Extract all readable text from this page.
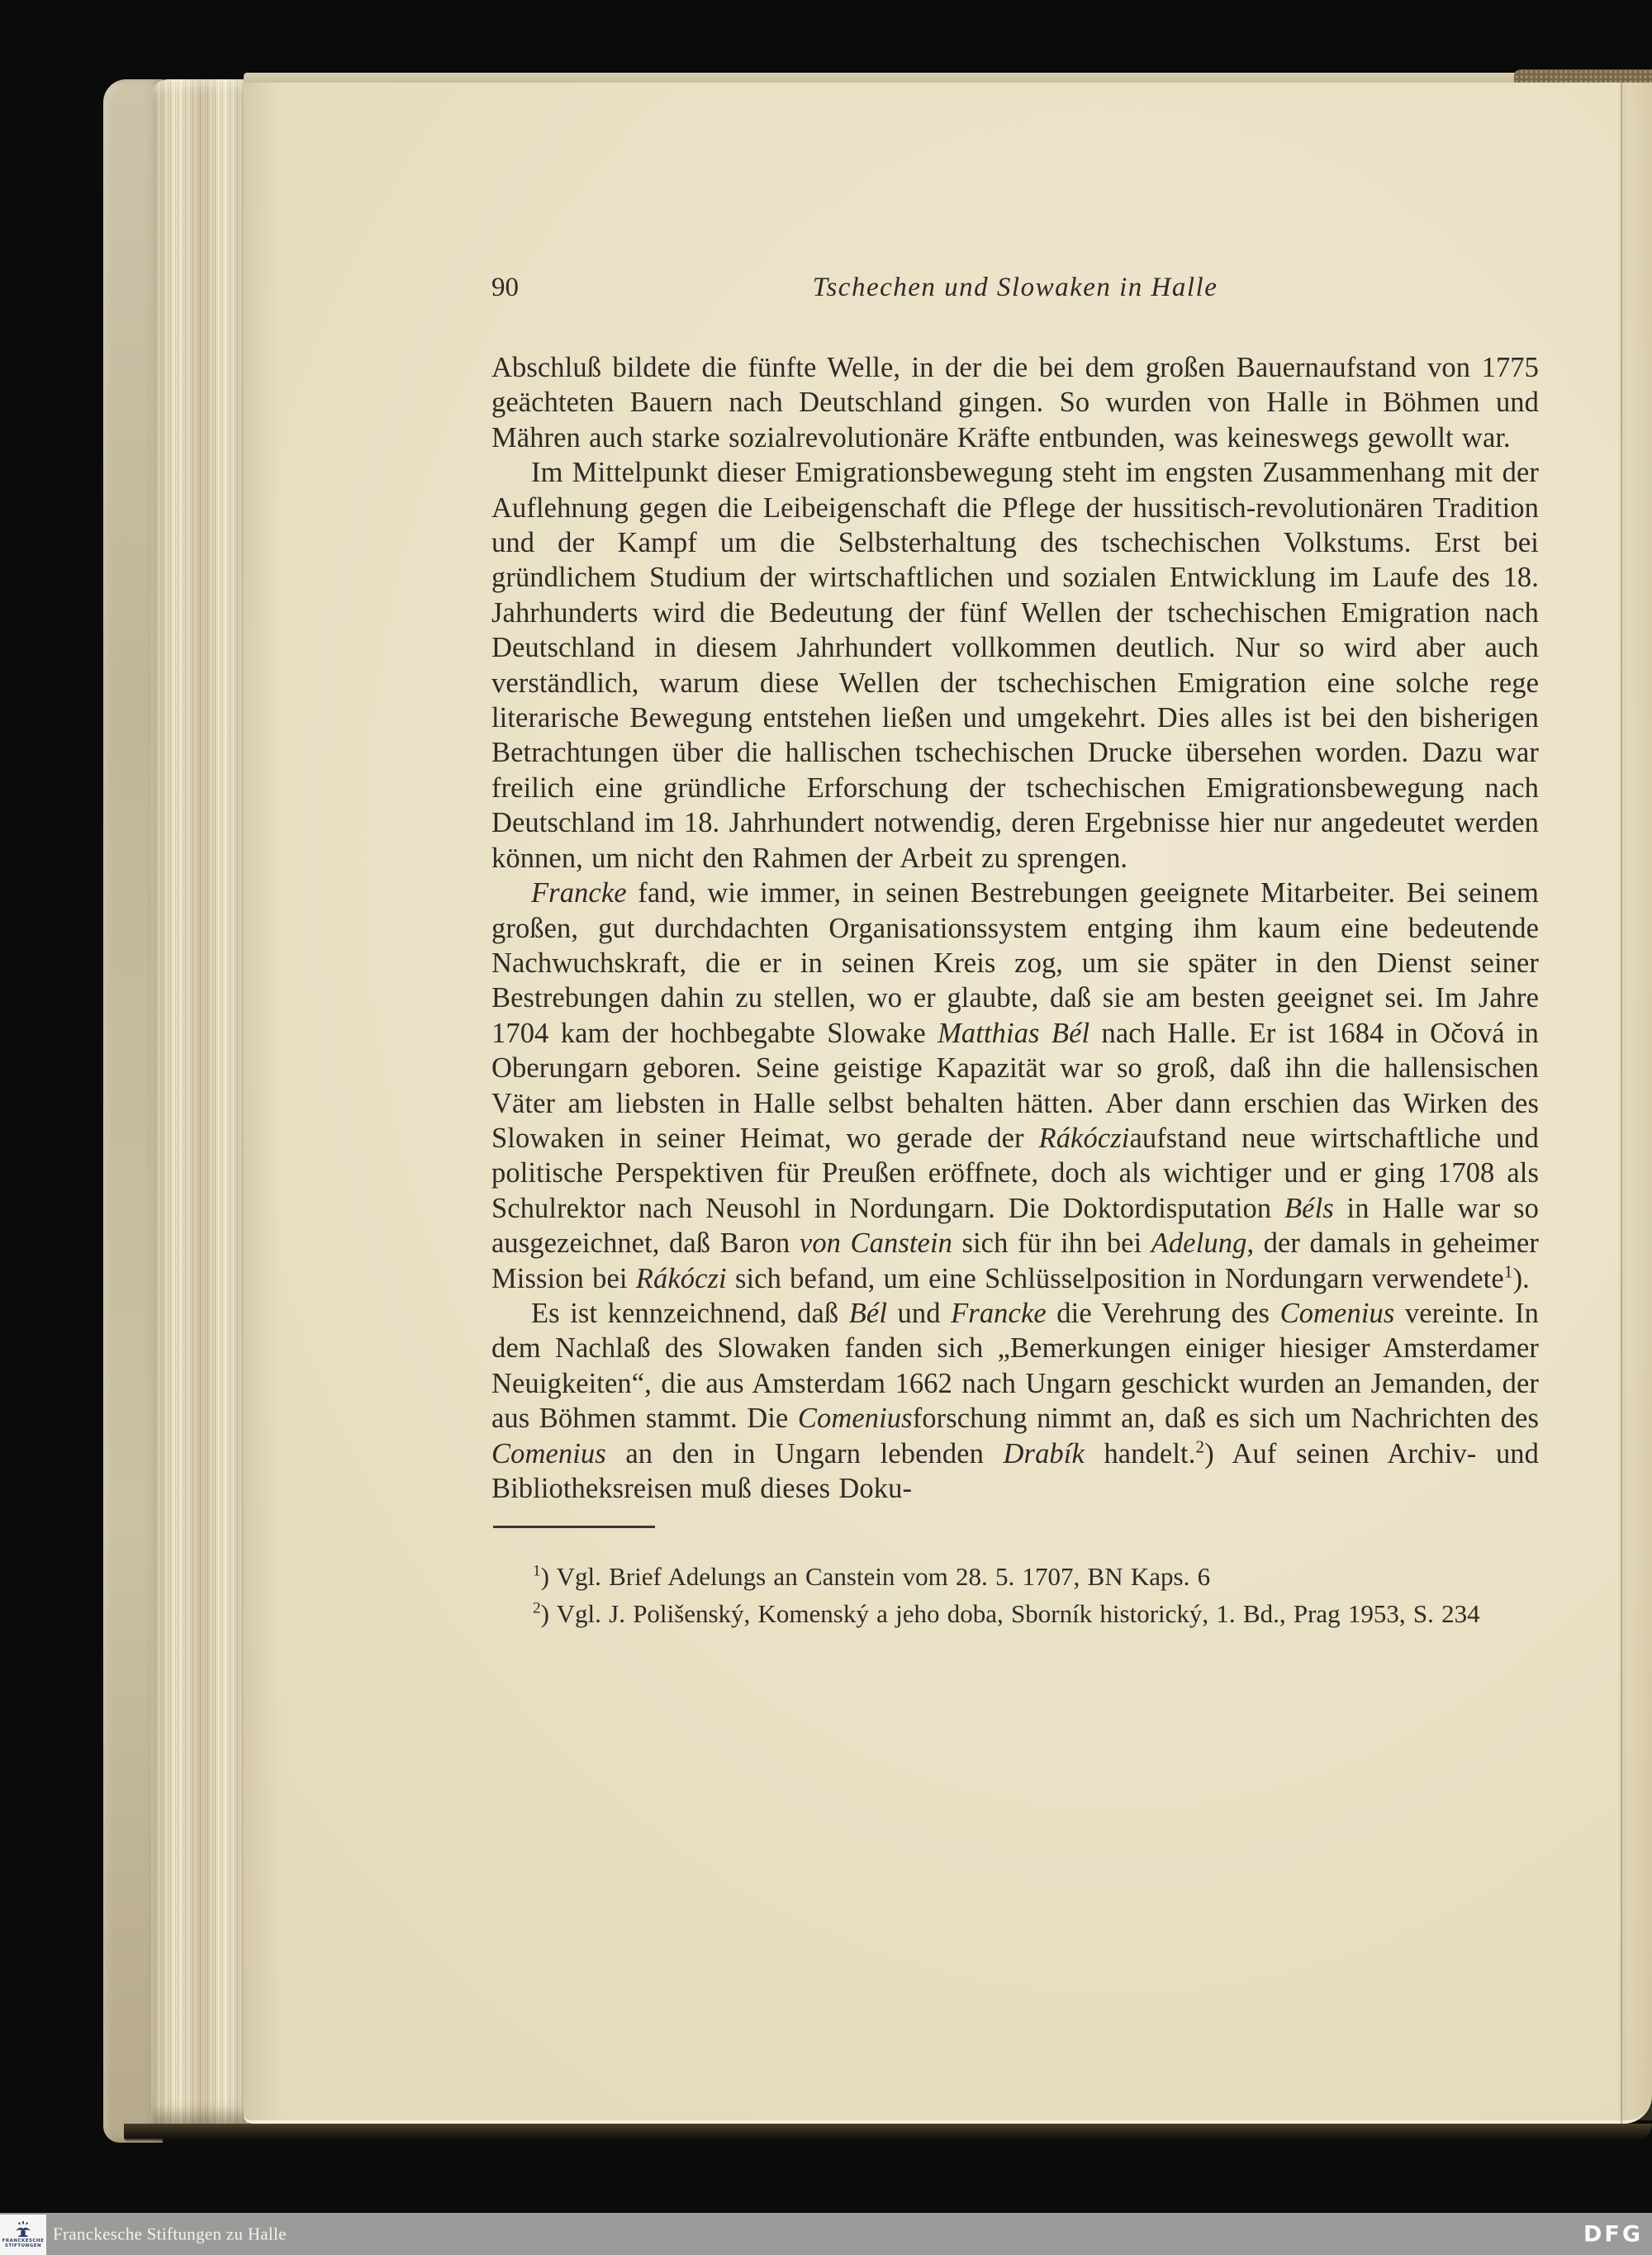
90	Tschechen und Slowaken in Halle

Abschluß bildete die fünfte Welle, in der die bei dem großen Bauernaufstand von 1775 geächteten Bauern nach Deutschland gingen. So wurden von Halle in Böhmen und Mähren auch starke sozialrevolutionäre Kräfte entbunden, was keineswegs gewollt war.

Im Mittelpunkt dieser Emigrationsbewegung steht im engsten Zusammenhang mit der Auflehnung gegen die Leibeigenschaft die Pflege der hussitisch-revolutionären Tradition und der Kampf um die Selbsterhaltung des tschechischen Volkstums. Erst bei gründlichem Studium der wirtschaftlichen und sozialen Entwicklung im Laufe des 18. Jahrhunderts wird die Bedeutung der fünf Wellen der tschechischen Emigration nach Deutschland in diesem Jahrhundert vollkommen deutlich. Nur so wird aber auch verständlich, warum diese Wellen der tschechischen Emigration eine solche rege literarische Bewegung entstehen ließen und umgekehrt. Dies alles ist bei den bisherigen Betrachtungen über die hallischen tschechischen Drucke übersehen worden. Dazu war freilich eine gründliche Erforschung der tschechischen Emigrationsbewegung nach Deutschland im 18. Jahrhundert notwendig, deren Ergebnisse hier nur angedeutet werden können, um nicht den Rahmen der Arbeit zu sprengen.

Francke fand, wie immer, in seinen Bestrebungen geeignete Mitarbeiter. Bei seinem großen, gut durchdachten Organisationssystem entging ihm kaum eine bedeutende Nachwuchskraft, die er in seinen Kreis zog, um sie später in den Dienst seiner Bestrebungen dahin zu stellen, wo er glaubte, daß sie am besten geeignet sei. Im Jahre 1704 kam der hochbegabte Slowake Matthias Bél nach Halle. Er ist 1684 in Očová in Oberungarn geboren. Seine geistige Kapazität war so groß, daß ihn die hallensischen Väter am liebsten in Halle selbst behalten hätten. Aber dann erschien das Wirken des Slowaken in seiner Heimat, wo gerade der Rákócziaufstand neue wirtschaftliche und politische Perspektiven für Preußen eröffnete, doch als wichtiger und er ging 1708 als Schulrektor nach Neusohl in Nordungarn. Die Doktordisputation Béls in Halle war so ausgezeichnet, daß Baron von Canstein sich für ihn bei Adelung, der damals in geheimer Mission bei Rákóczi sich befand, um eine Schlüsselposition in Nordungarn verwendete$^1$).

Es ist kennzeichnend, daß Bél und Francke die Verehrung des Comenius vereinte. In dem Nachlaß des Slowaken fanden sich „Bemerkungen einiger hiesiger Amsterdamer Neuigkeiten“, die aus Amsterdam 1662 nach Ungarn geschickt wurden an Jemanden, der aus Böhmen stammt. Die Comeniusforschung nimmt an, daß es sich um Nachrichten des Comenius an den in Ungarn lebenden Drabík handelt.$^2$) Auf seinen Archiv- und Bibliotheksreisen muß dieses Doku-

$^1$) Vgl. Brief Adelungs an Canstein vom 28. 5. 1707, BN Kaps. 6

$^2$) Vgl. J. Polišenský, Komenský a jeho doba, Sborník historický, 1. Bd., Prag 1953, S. 234

FRANCKESCHE
STIFTUNGEN
Franckesche Stiftungen zu Halle	DFG
